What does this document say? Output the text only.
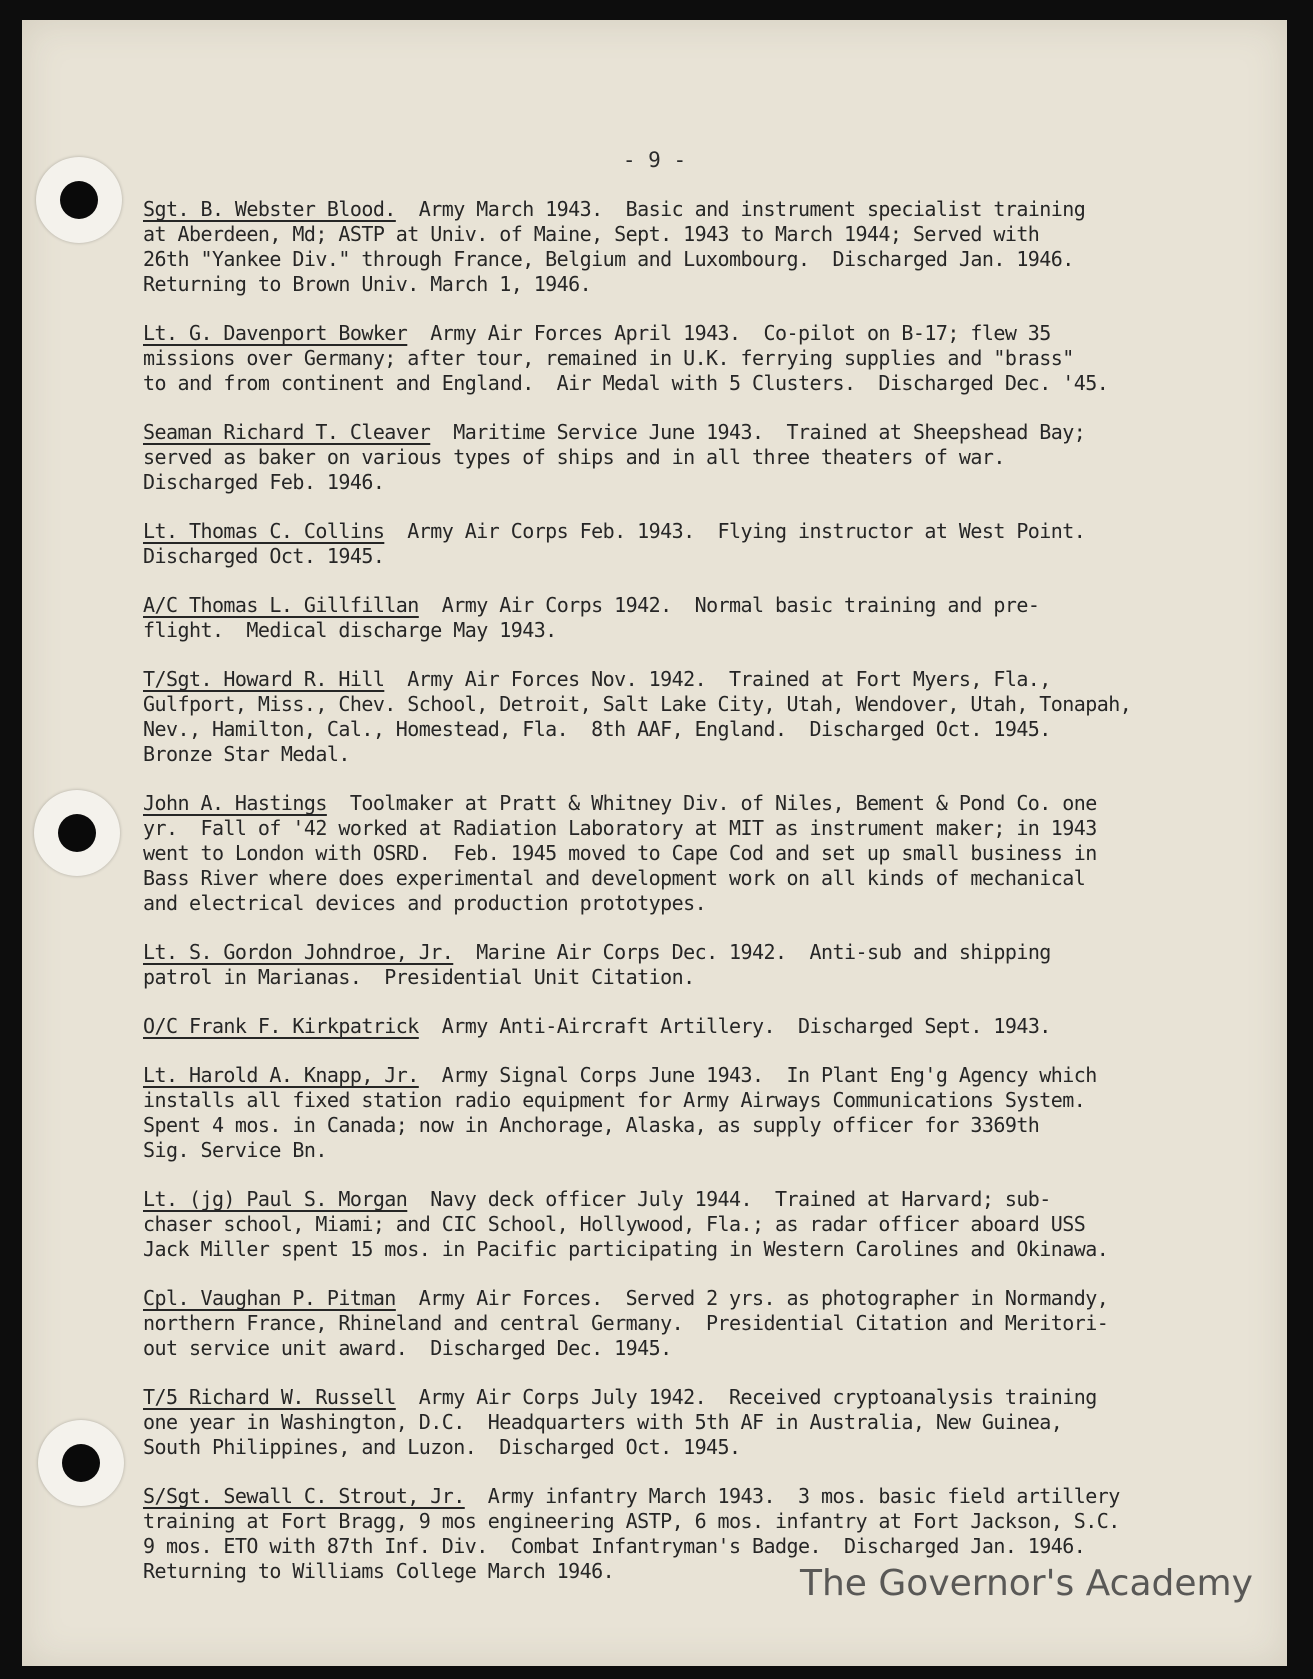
- 9 -
Sgt. B. Webster Blood.  Army March 1943.  Basic and instrument specialist training
at Aberdeen, Md; ASTP at Univ. of Maine, Sept. 1943 to March 1944; Served with
26th "Yankee Div." through France, Belgium and Luxombourg.  Discharged Jan. 1946.
Returning to Brown Univ. March 1, 1946.
Lt. G. Davenport Bowker  Army Air Forces April 1943.  Co-pilot on B-17; flew 35
missions over Germany; after tour, remained in U.K. ferrying supplies and "brass"
to and from continent and England.  Air Medal with 5 Clusters.  Discharged Dec. '45.
Seaman Richard T. Cleaver  Maritime Service June 1943.  Trained at Sheepshead Bay;
served as baker on various types of ships and in all three theaters of war.
Discharged Feb. 1946.
Lt. Thomas C. Collins  Army Air Corps Feb. 1943.  Flying instructor at West Point.
Discharged Oct. 1945.
A/C Thomas L. Gillfillan  Army Air Corps 1942.  Normal basic training and pre-
flight.  Medical discharge May 1943.
T/Sgt. Howard R. Hill  Army Air Forces Nov. 1942.  Trained at Fort Myers, Fla.,
Gulfport, Miss., Chev. School, Detroit, Salt Lake City, Utah, Wendover, Utah, Tonapah,
Nev., Hamilton, Cal., Homestead, Fla.  8th AAF, England.  Discharged Oct. 1945.
Bronze Star Medal.
John A. Hastings  Toolmaker at Pratt & Whitney Div. of Niles, Bement & Pond Co. one
yr.  Fall of '42 worked at Radiation Laboratory at MIT as instrument maker; in 1943
went to London with OSRD.  Feb. 1945 moved to Cape Cod and set up small business in
Bass River where does experimental and development work on all kinds of mechanical
and electrical devices and production prototypes.
Lt. S. Gordon Johndroe, Jr.  Marine Air Corps Dec. 1942.  Anti-sub and shipping
patrol in Marianas.  Presidential Unit Citation.
O/C Frank F. Kirkpatrick  Army Anti-Aircraft Artillery.  Discharged Sept. 1943.
Lt. Harold A. Knapp, Jr.  Army Signal Corps June 1943.  In Plant Eng'g Agency which
installs all fixed station radio equipment for Army Airways Communications System.
Spent 4 mos. in Canada; now in Anchorage, Alaska, as supply officer for 3369th
Sig. Service Bn.
Lt. (jg) Paul S. Morgan  Navy deck officer July 1944.  Trained at Harvard; sub-
chaser school, Miami; and CIC School, Hollywood, Fla.; as radar officer aboard USS
Jack Miller spent 15 mos. in Pacific participating in Western Carolines and Okinawa.
Cpl. Vaughan P. Pitman  Army Air Forces.  Served 2 yrs. as photographer in Normandy,
northern France, Rhineland and central Germany.  Presidential Citation and Meritori-
out service unit award.  Discharged Dec. 1945.
T/5 Richard W. Russell  Army Air Corps July 1942.  Received cryptoanalysis training
one year in Washington, D.C.  Headquarters with 5th AF in Australia, New Guinea,
South Philippines, and Luzon.  Discharged Oct. 1945.
S/Sgt. Sewall C. Strout, Jr.  Army infantry March 1943.  3 mos. basic field artillery
training at Fort Bragg, 9 mos engineering ASTP, 6 mos. infantry at Fort Jackson, S.C.
9 mos. ETO with 87th Inf. Div.  Combat Infantryman's Badge.  Discharged Jan. 1946.
Returning to Williams College March 1946.	The Governor's Academy
